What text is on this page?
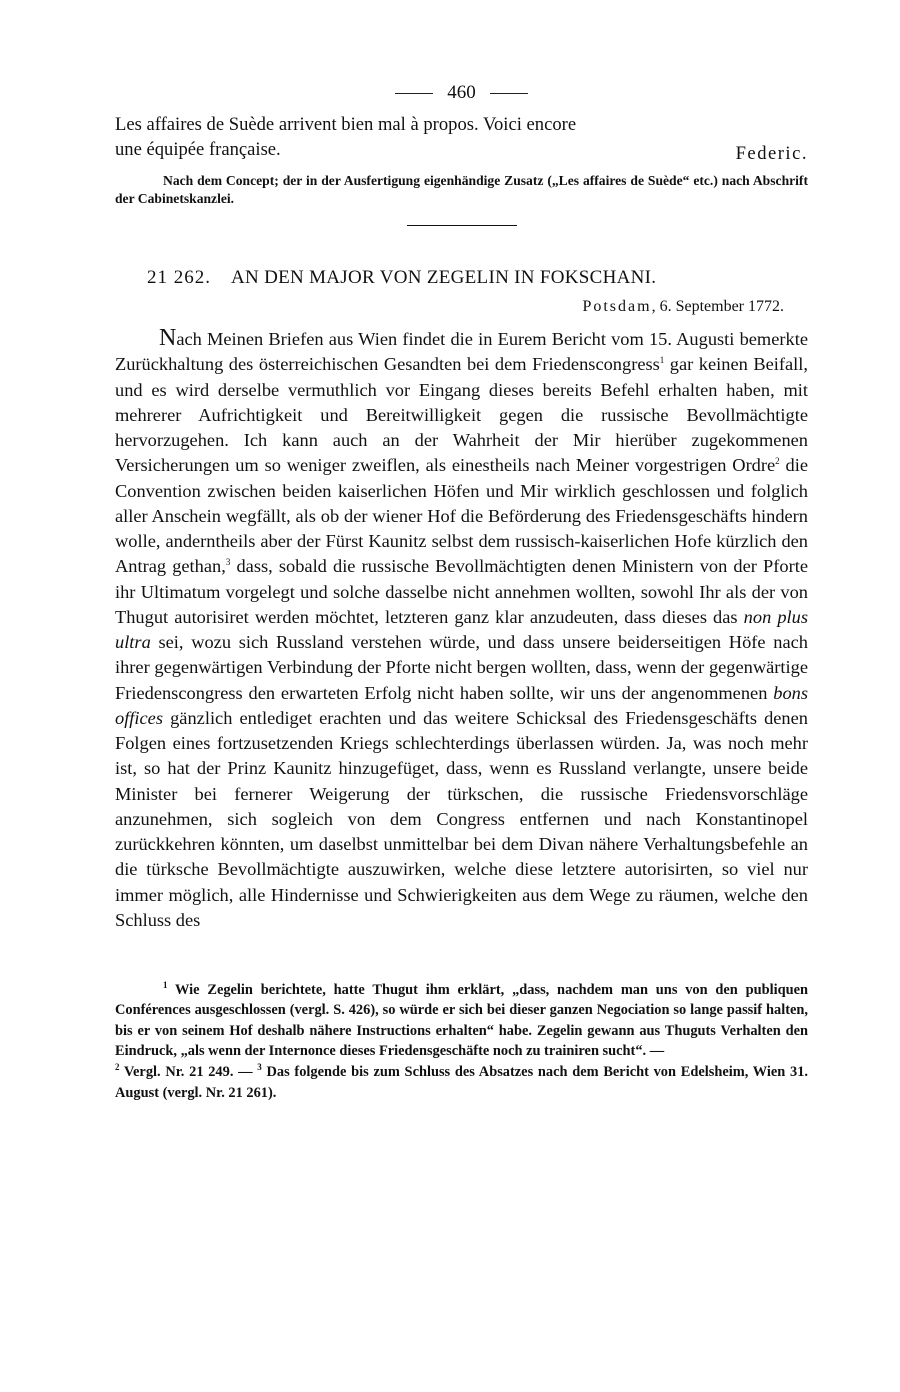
460

Les affaires de Suède arrivent bien mal à propos. Voici encore

une équipée française.	Federic.

Nach dem Concept; der in der Ausfertigung eigenhändige Zusatz („Les affaires de Suède“ etc.) nach Abschrift der Cabinetskanzlei.

21 262. AN DEN MAJOR VON ZEGELIN IN FOKSCHANI.
Potsdam, 6. September 1772.

Nach Meinen Briefen aus Wien findet die in Eurem Bericht vom 15. Augusti bemerkte Zurückhaltung des österreichischen Gesandten bei dem Friedenscongress$^1$ gar keinen Beifall, und es wird derselbe vermuthlich vor Eingang dieses bereits Befehl erhalten haben, mit mehrerer Aufrichtigkeit und Bereitwilligkeit gegen die russische Bevollmächtigte hervorzugehen. Ich kann auch an der Wahrheit der Mir hierüber zugekommenen Versicherungen um so weniger zweiflen, als einestheils nach Meiner vorgestrigen Ordre$^2$ die Convention zwischen beiden kaiserlichen Höfen und Mir wirklich geschlossen und folglich aller Anschein wegfällt, als ob der wiener Hof die Beförderung des Friedensgeschäfts hindern wolle, anderntheils aber der Fürst Kaunitz selbst dem russisch-kaiserlichen Hofe kürzlich den Antrag gethan,$^3$ dass, sobald die russische Bevollmächtigten denen Ministern von der Pforte ihr Ultimatum vorgelegt und solche dasselbe nicht annehmen wollten, sowohl Ihr als der von Thugut autorisiret werden möchtet, letzteren ganz klar anzudeuten, dass dieses das non plus ultra sei, wozu sich Russland verstehen würde, und dass unsere beiderseitigen Höfe nach ihrer gegenwärtigen Verbindung der Pforte nicht bergen wollten, dass, wenn der gegenwärtige Friedenscongress den erwarteten Erfolg nicht haben sollte, wir uns der angenommenen bons offices gänzlich entlediget erachten und das weitere Schicksal des Friedensgeschäfts denen Folgen eines fortzusetzenden Kriegs schlechterdings überlassen würden. Ja, was noch mehr ist, so hat der Prinz Kaunitz hinzugefüget, dass, wenn es Russland verlangte, unsere beide Minister bei fernerer Weigerung der türkschen, die russische Friedensvorschläge anzunehmen, sich sogleich von dem Congress entfernen und nach Konstantinopel zurückkehren könnten, um daselbst unmittelbar bei dem Divan nähere Verhaltungsbefehle an die türksche Bevollmächtigte auszuwirken, welche diese letztere autorisirten, so viel nur immer möglich, alle Hindernisse und Schwierigkeiten aus dem Wege zu räumen, welche den Schluss des

$^1$ Wie Zegelin berichtete, hatte Thugut ihm erklärt, „dass, nachdem man uns von den publiquen Conférences ausgeschlossen (vergl. S. 426), so würde er sich bei dieser ganzen Negociation so lange passif halten, bis er von seinem Hof deshalb nähere Instructions erhalten“ habe. Zegelin gewann aus Thuguts Verhalten den Eindruck, „als wenn der Internonce dieses Friedensgeschäfte noch zu trainiren sucht“. —
$^2$ Vergl. Nr. 21 249. — $^3$ Das folgende bis zum Schluss des Absatzes nach dem Bericht von Edelsheim, Wien 31. August (vergl. Nr. 21 261).
